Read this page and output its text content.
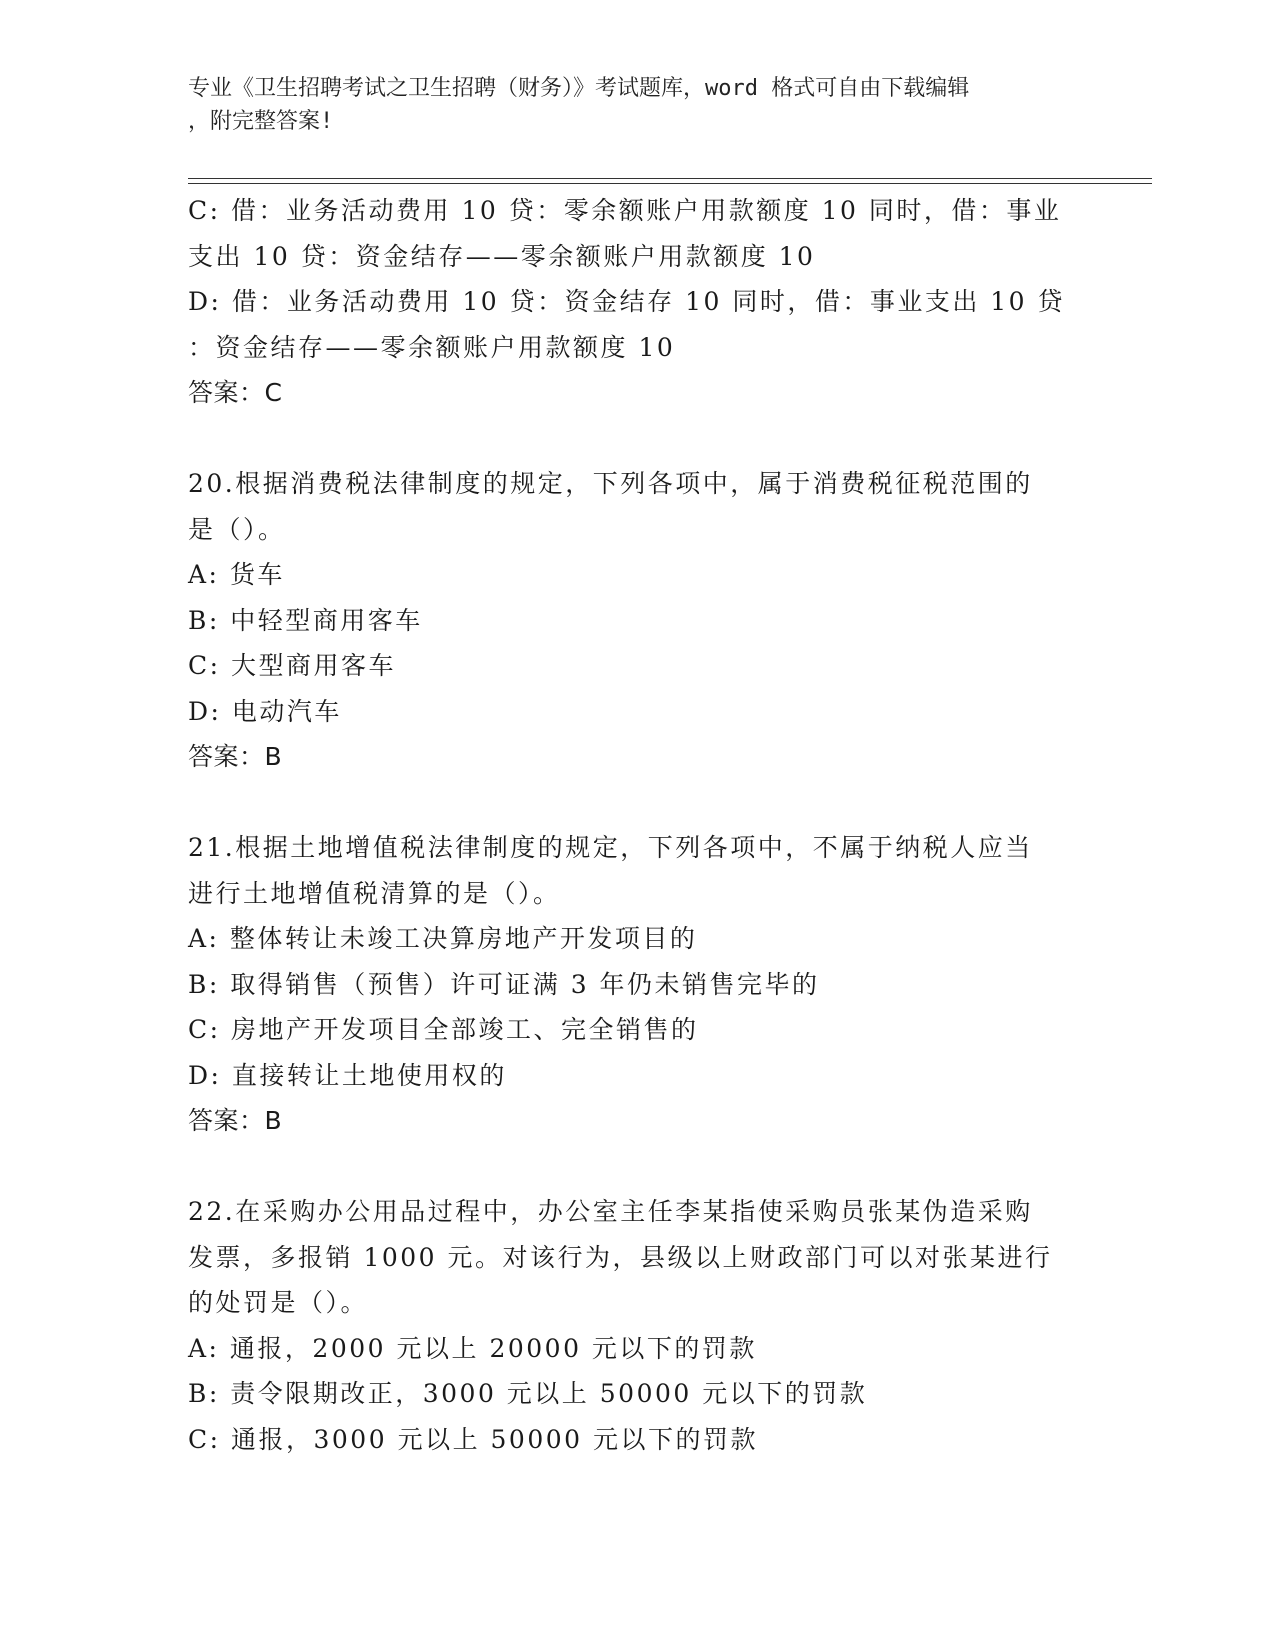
专业《卫生招聘考试之卫生招聘（财务）》考试题库，word 格式可自由下载编辑
，附完整答案!
C: 借：业务活动费用 10 贷：零余额账户用款额度 10 同时，借：事业
支出 10 贷：资金结存——零余额账户用款额度 10
D: 借：业务活动费用 10 贷：资金结存 10 同时，借：事业支出 10 贷
：资金结存——零余额账户用款额度 10
答案：C
20.根据消费税法律制度的规定，下列各项中，属于消费税征税范围的
是（）。
A: 货车
B: 中轻型商用客车
C: 大型商用客车
D: 电动汽车
答案：B
21.根据土地增值税法律制度的规定，下列各项中，不属于纳税人应当
进行土地增值税清算的是（）。
A: 整体转让未竣工决算房地产开发项目的
B: 取得销售（预售）许可证满 3 年仍未销售完毕的
C: 房地产开发项目全部竣工、完全销售的
D: 直接转让土地使用权的
答案：B
22.在采购办公用品过程中，办公室主任李某指使采购员张某伪造采购
发票，多报销 1000 元。对该行为，县级以上财政部门可以对张某进行
的处罚是（）。
A: 通报，2000 元以上 20000 元以下的罚款
B: 责令限期改正，3000 元以上 50000 元以下的罚款
C: 通报，3000 元以上 50000 元以下的罚款
